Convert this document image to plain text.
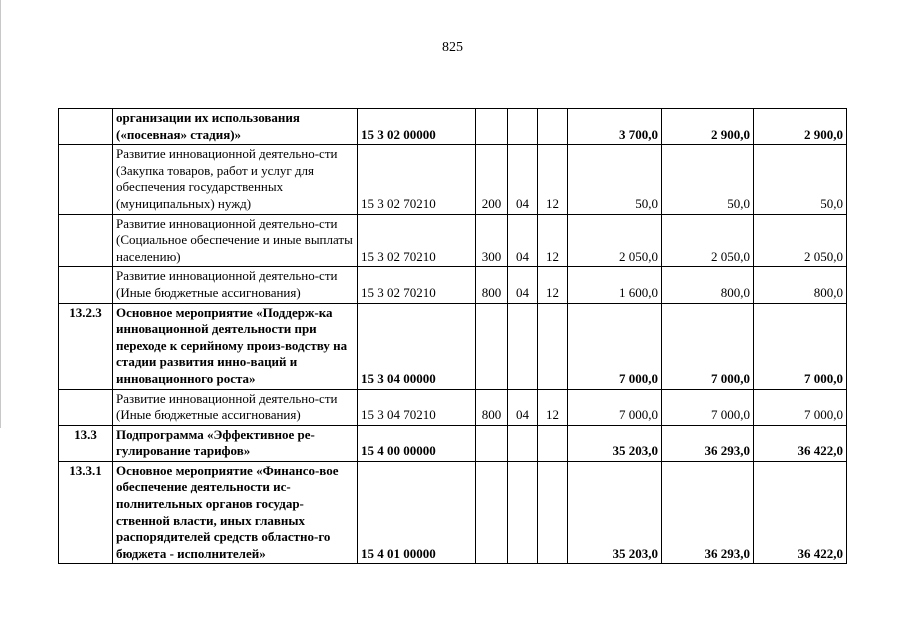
825
	организации их использования («посевная» стадия)»	15 3 02 00000				3 700,0	2 900,0	2 900,0
	Развитие инновационной деятельно-сти (Закупка товаров, работ и услуг для обеспечения государственных (муниципальных) нужд)	15 3 02 70210	200	04	12	50,0	50,0	50,0
	Развитие инновационной деятельно-сти (Социальное обеспечение и иные выплаты населению)	15 3 02 70210	300	04	12	2 050,0	2 050,0	2 050,0
	Развитие инновационной деятельно-сти (Иные бюджетные ассигнования)	15 3 02 70210	800	04	12	1 600,0	800,0	800,0
13.2.3	Основное мероприятие «Поддерж-ка инновационной деятельности при переходе к серийному произ-водству на стадии развития инно-ваций и инновационного роста»	15 3 04 00000				7 000,0	7 000,0	7 000,0
	Развитие инновационной деятельно-сти (Иные бюджетные ассигнования)	15 3 04 70210	800	04	12	7 000,0	7 000,0	7 000,0
13.3	Подпрограмма «Эффективное ре-гулирование тарифов»	15 4 00 00000				35 203,0	36 293,0	36 422,0
13.3.1	Основное мероприятие «Финансо-вое обеспечение деятельности ис-полнительных органов государ-ственной власти, иных главных распорядителей средств областно-го бюджета - исполнителей»	15 4 01 00000				35 203,0	36 293,0	36 422,0
